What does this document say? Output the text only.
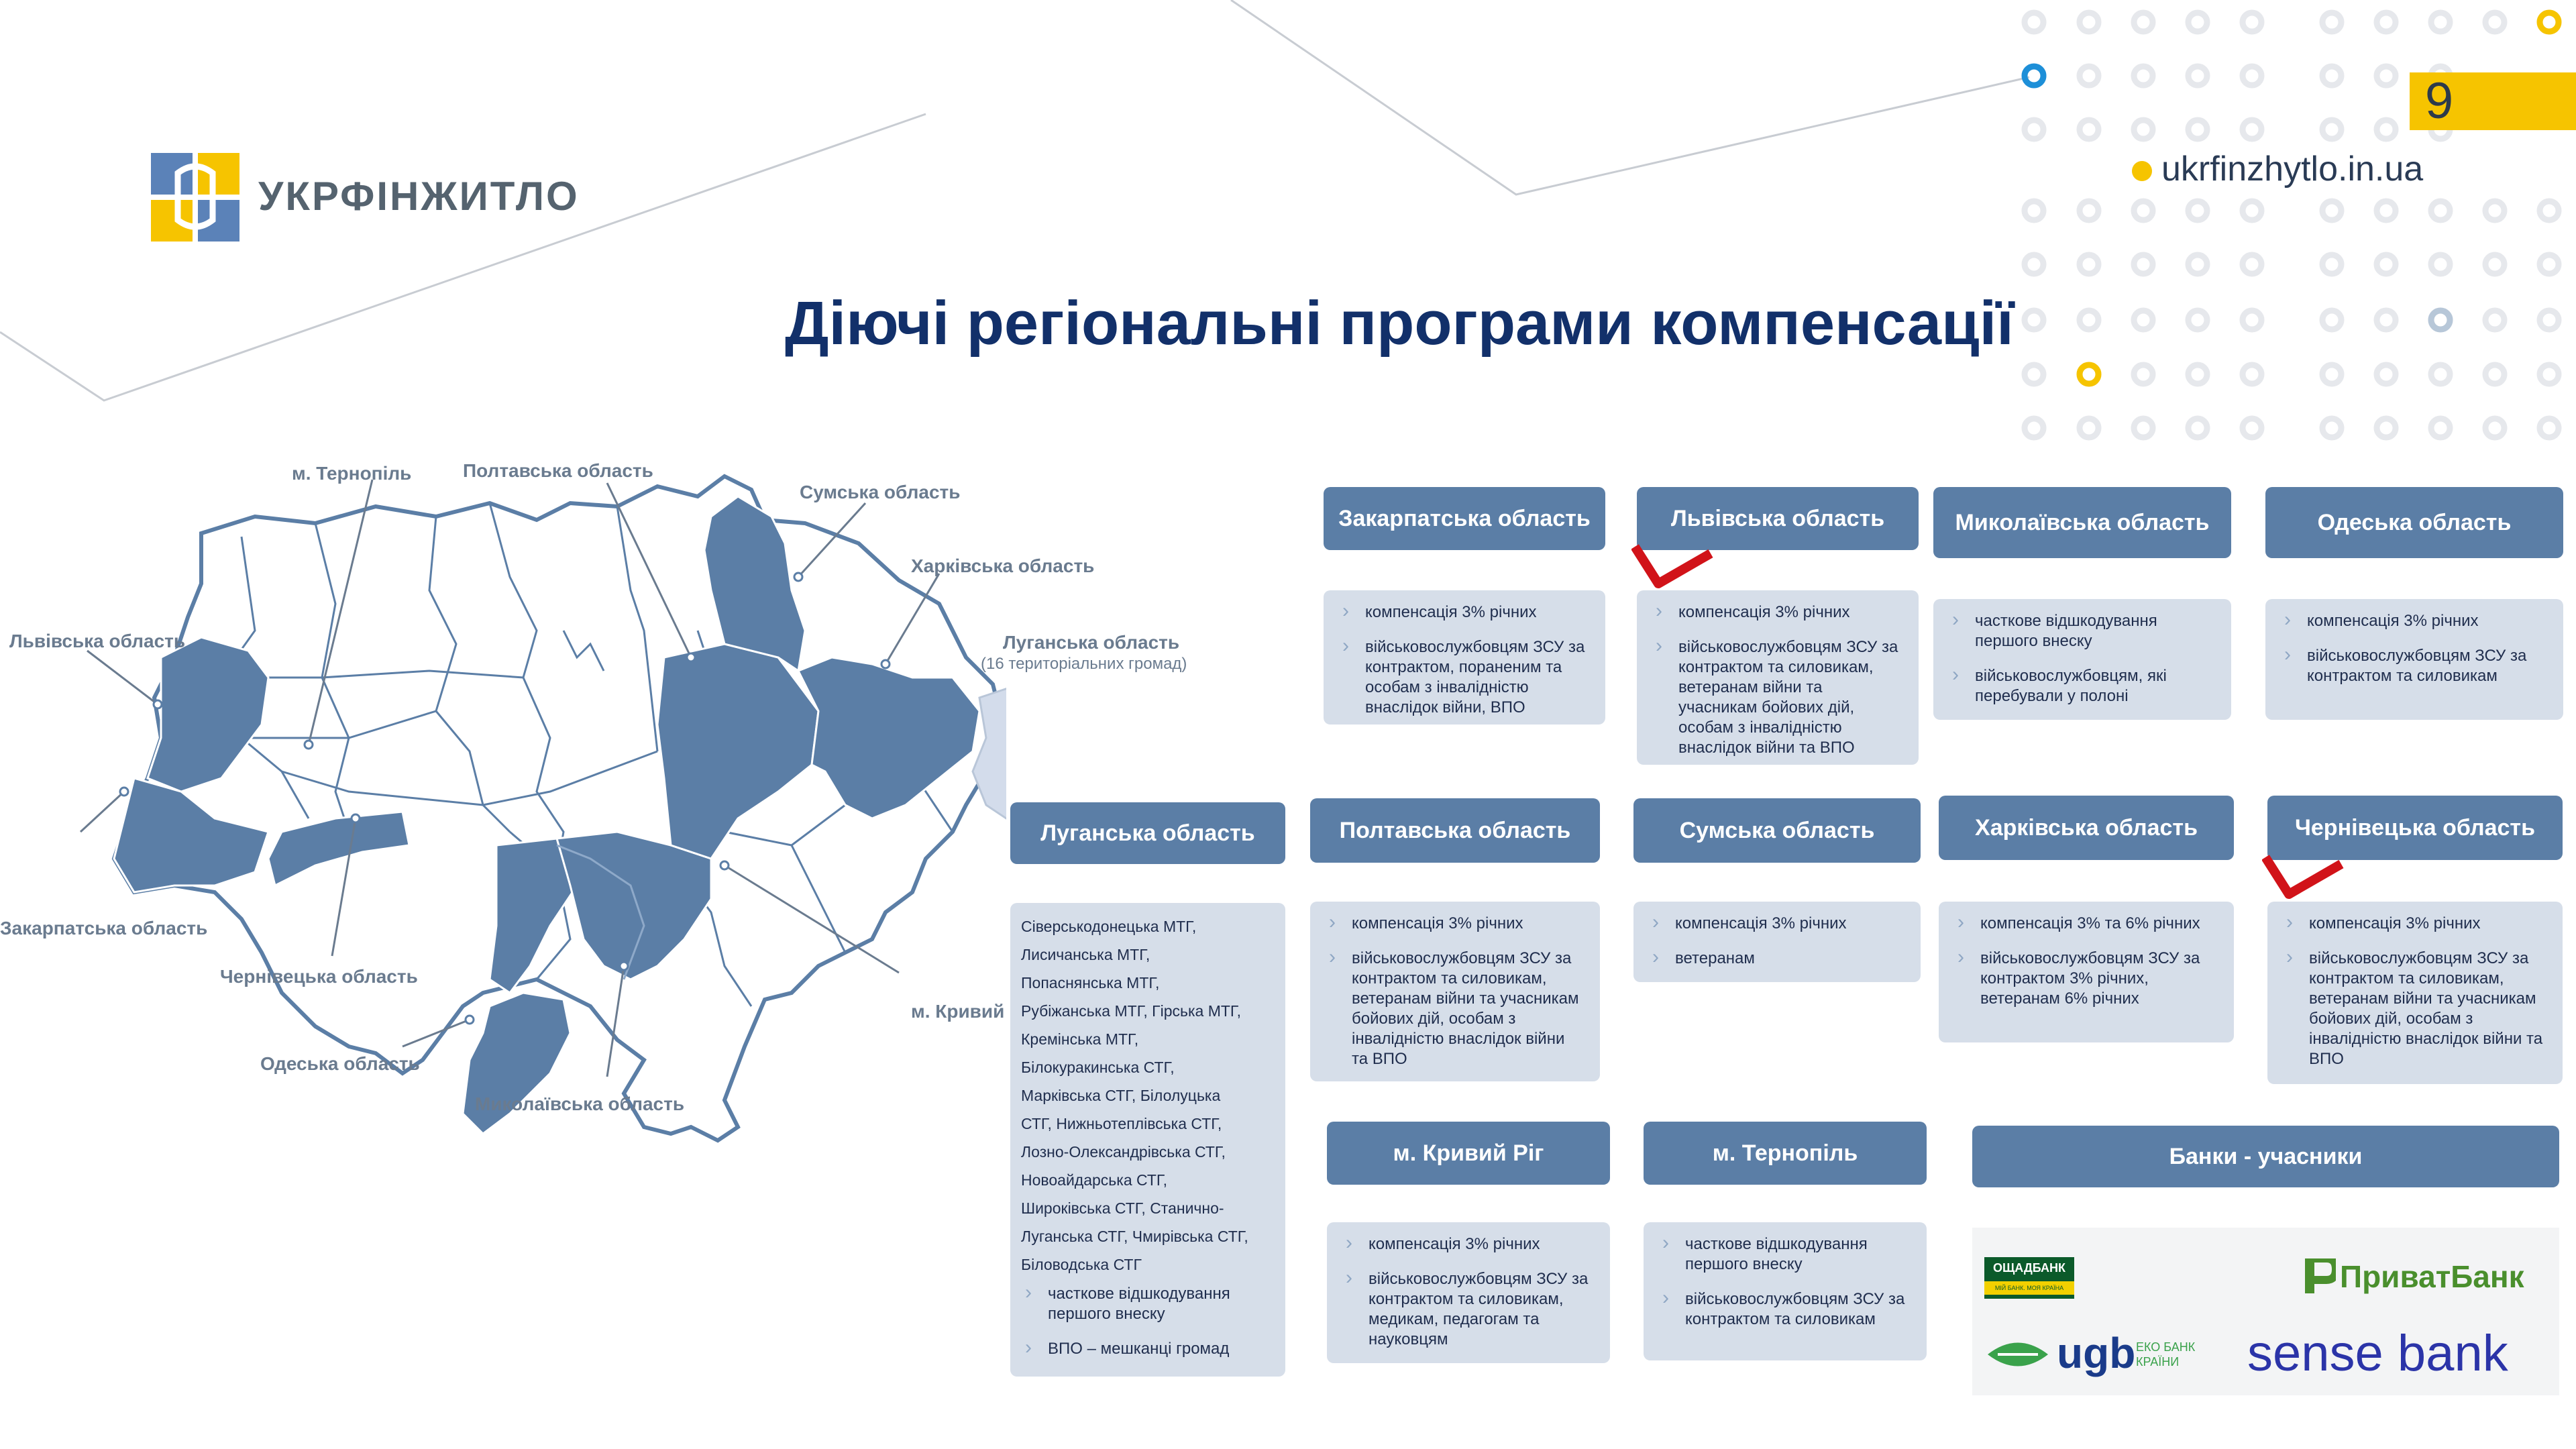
УКРФІНЖИТЛО
ukrfinzhytlo.in.ua
9
Діючі регіональні програми компенсації
м. Тернопіль	Полтавська область
Сумська область
Харківська область
Луганська область
(16 територіальних громад)
Львівська область
Закарпатська область
Чернівецька область
Одеська область
Миколаївська область
м. Кривий
Закарпатська область
› компенсація 3% річних
› військовослужбовцям ЗСУ за контрактом, пораненим та особам з інвалідністю внаслідок війни, ВПО
Львівська область
› компенсація 3% річних
› військовослужбовцям ЗСУ за контрактом та силовикам, ветеранам війни та учасникам бойових дій, особам з інвалідністю внаслідок війни та ВПО
Миколаївська область
› часткове відшкодування першого внеску
› військовослужбовцям, які перебували у полоні
Одеська область
› компенсація 3% річних
› військовослужбовцям ЗСУ за контрактом та силовикам
Луганська область
Сіверськодонецька МТГ,
Лисичанська МТГ,
Попаснянська МТГ,
Рубіжанська МТГ, Гірська МТГ,
Кремінська МТГ,
Білокуракинська СТГ,
Марківська СТГ, Білолуцька
СТГ, Нижньотеплівська СТГ,
Лозно-Олександрівська СТГ,
Новоайдарська СТГ,
Широківська СТГ, Станично-
Луганська СТГ, Чмирівська СТГ,
Біловодська СТГ
› часткове відшкодування першого внеску
› ВПО – мешканці громад
Полтавська область
› компенсація 3% річних
› військовослужбовцям ЗСУ за контрактом та силовикам, ветеранам війни та учасникам бойових дій, особам з інвалідністю внаслідок війни та ВПО
Сумська область
› компенсація 3% річних
› ветеранам
Харківська область
› компенсація 3% та 6% річних
› військовослужбовцям ЗСУ за контрактом 3% річних, ветеранам 6% річних
Чернівецька область
› компенсація 3% річних
› військовослужбовцям ЗСУ за контрактом та силовикам, ветеранам війни та учасникам бойових дій, особам з інвалідністю внаслідок війни та ВПО
м. Кривий Ріг
› компенсація 3% річних
› військовослужбовцям ЗСУ за контрактом та силовикам, медикам, педагогам та науковцям
м. Тернопіль
› часткове відшкодування першого внеску
› військовослужбовцям ЗСУ за контрактом та силовикам
Банки - учасники
ОЩАДБАНК
МІЙ БАНК. МОЯ КРАЇНА	ПриватБанк
ugb ЕКО БАНК
КРАЇНИ sense bank
